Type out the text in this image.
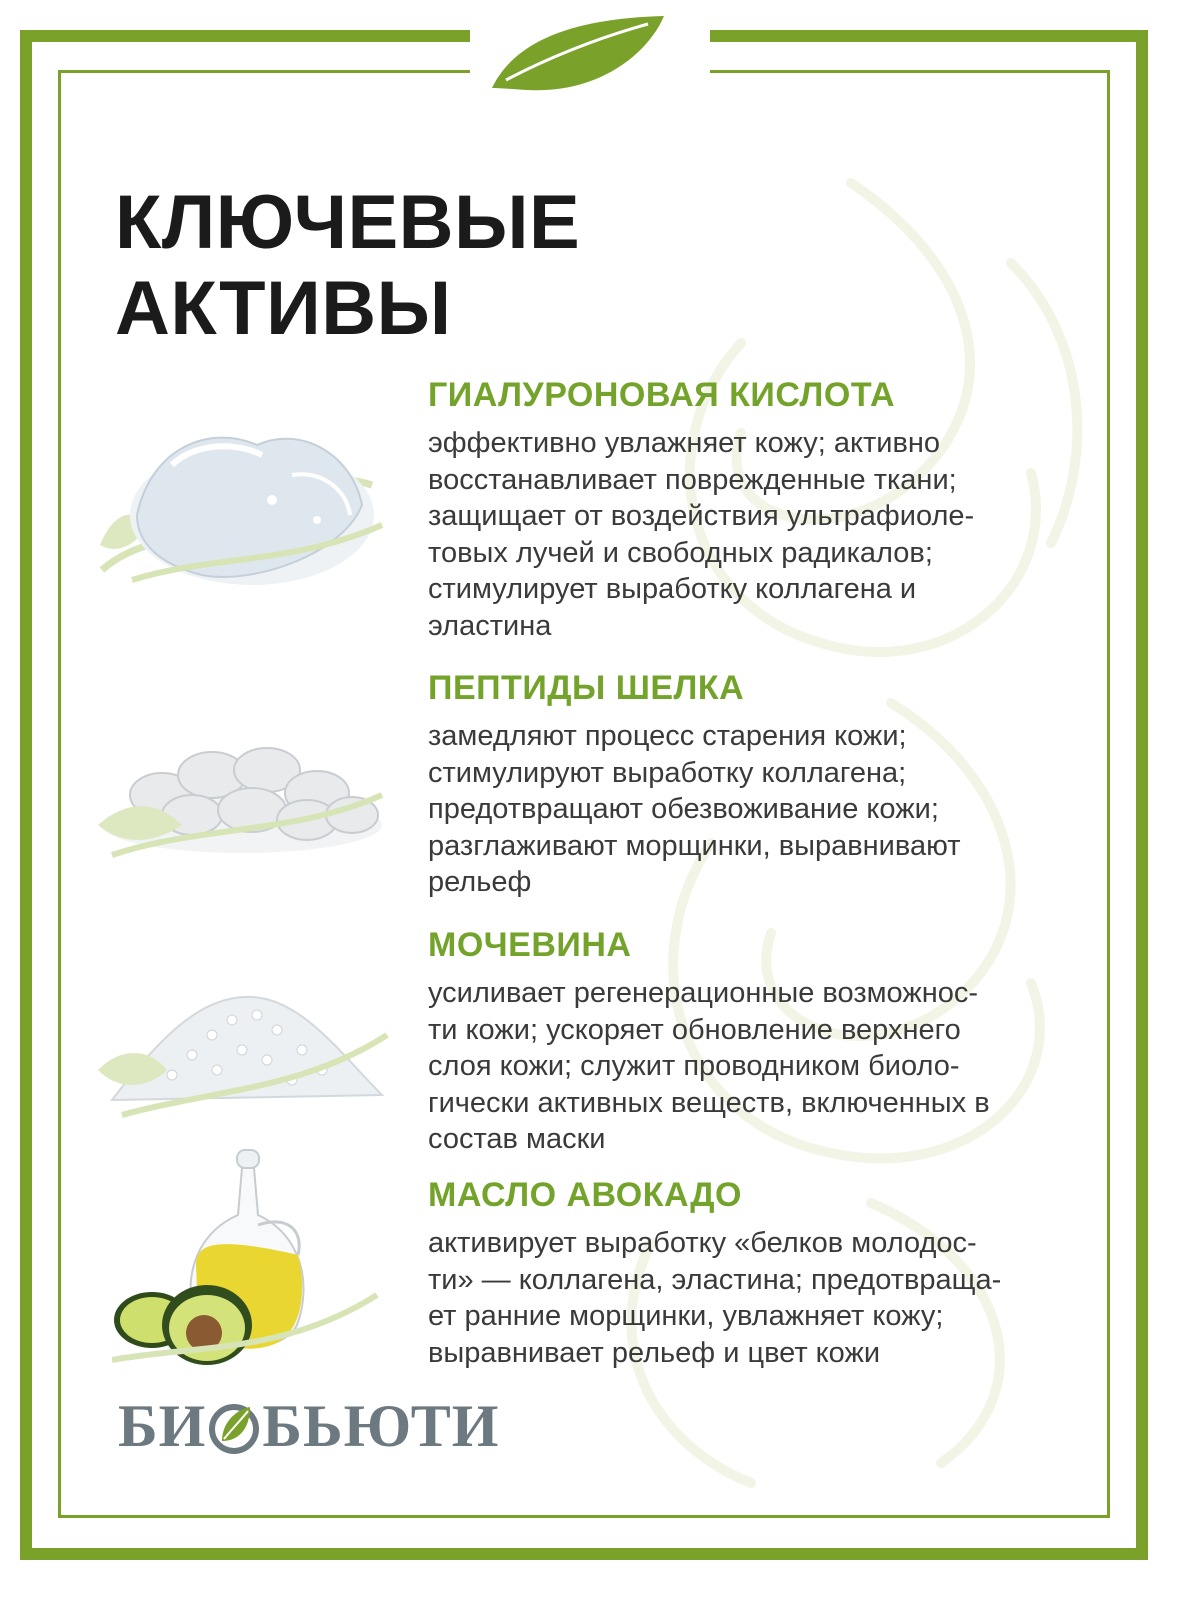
КЛЮЧЕВЫЕ
АКТИВЫ
ГИАЛУРОНОВАЯ КИСЛОТА

эффективно увлажняет кожу; активно
восстанавливает поврежденные ткани;
защищает от воздействия ультрафиоле-
товых лучей и свободных радикалов;
стимулирует выработку коллагена и
эластина

ПЕПТИДЫ ШЕЛКА

замедляют процесс старения кожи;
стимулируют выработку коллагена;
предотвращают обезвоживание кожи;
разглаживают морщинки, выравнивают
рельеф

МОЧЕВИНА

усиливает регенерационные возможнос-
ти кожи; ускоряет обновление верхнего
слоя кожи; служит проводником биоло-
гически активных веществ, включенных в
состав маски

МАСЛО АВОКАДО

активирует выработку «белков молодос-
ти» — коллагена, эластина; предотвраща-
ет ранние морщинки, увлажняет кожу;
выравнивает рельеф и цвет кожи

БИ БЬЮТИ
